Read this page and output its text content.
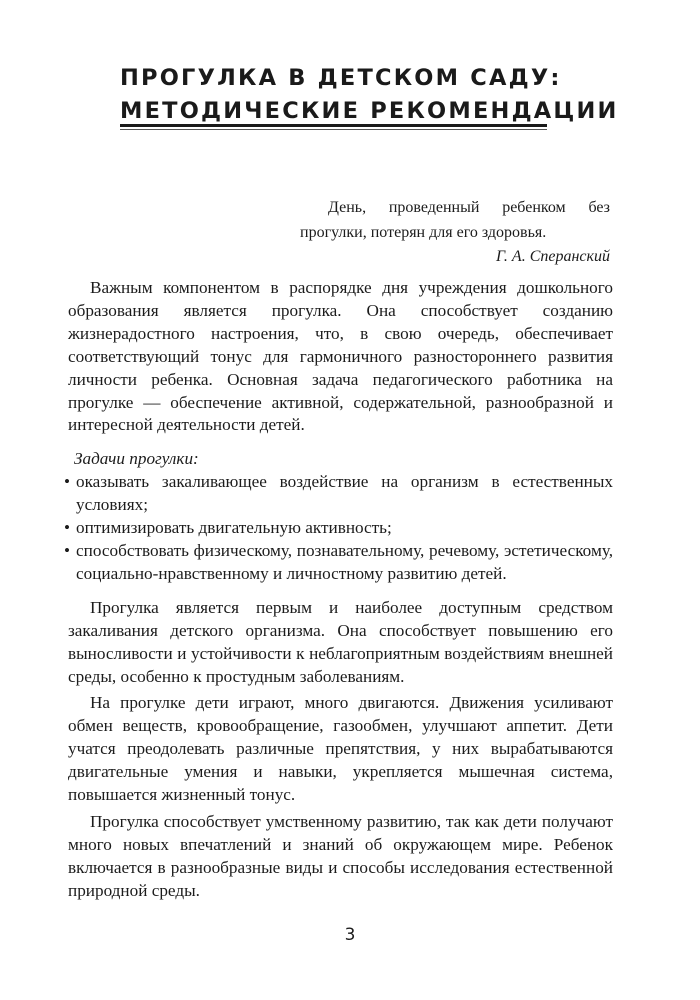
ПРОГУЛКА В ДЕТСКОМ САДУ:
МЕТОДИЧЕСКИЕ РЕКОМЕНДАЦИИ
День, проведенный ребенком без прогулки, потерян для его здоровья.
Г. А. Сперанский

Важным компонентом в распорядке дня учреждения дошкольного образования является прогулка. Она способствует созданию жизнерадостного настроения, что, в свою очередь, обеспечивает соответствующий тонус для гармоничного разностороннего развития личности ребенка. Основная задача педагогического работника на прогулке — обеспечение активной, содержательной, разнообразной и интересной деятельности детей.

Задачи прогулки:
• оказывать закаливающее воздействие на организм в естественных условиях;
• оптимизировать двигательную активность;
• способствовать физическому, познавательному, речевому, эстетическому, социально-нравственному и личностному развитию детей.

Прогулка является первым и наиболее доступным средством закаливания детского организма. Она способствует повышению его выносливости и устойчивости к неблагоприятным воздействиям внешней среды, особенно к простудным заболеваниям.

На прогулке дети играют, много двигаются. Движения усиливают обмен веществ, кровообращение, газообмен, улучшают аппетит. Дети учатся преодолевать различные препятствия, у них вырабатываются двигательные умения и навыки, укрепляется мышечная система, повышается жизненный тонус.

Прогулка способствует умственному развитию, так как дети получают много новых впечатлений и знаний об окружающем мире. Ребенок включается в разнообразные виды и способы исследования естественной природной среды.

3
